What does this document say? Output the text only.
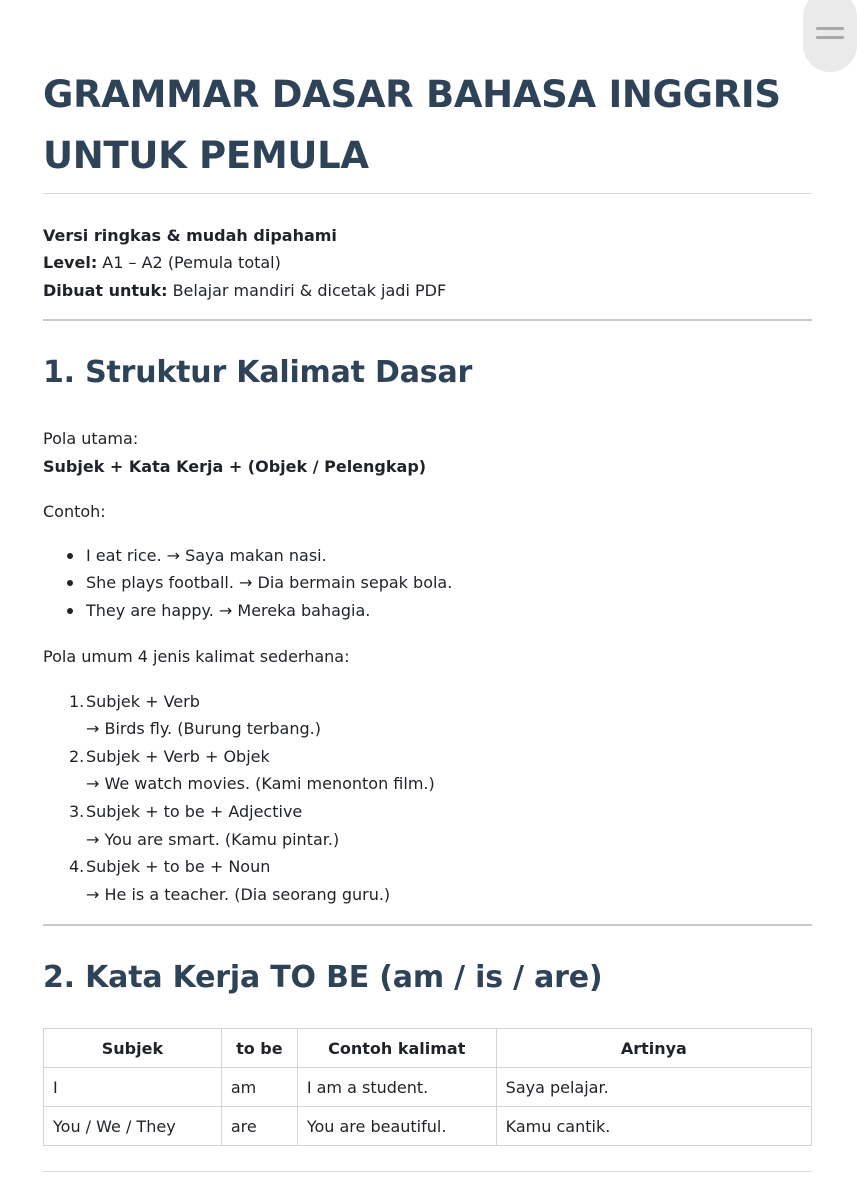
GRAMMAR DASAR BAHASA INGGRIS UNTUK PEMULA
Versi ringkas & mudah dipahami
Level: A1 – A2 (Pemula total)
Dibuat untuk: Belajar mandiri & dicetak jadi PDF
1. Struktur Kalimat Dasar
Pola utama:
Subjek + Kata Kerja + (Objek / Pelengkap)
Contoh:
I eat rice. → Saya makan nasi.
She plays football. → Dia bermain sepak bola.
They are happy. → Mereka bahagia.
Pola umum 4 jenis kalimat sederhana:
1. Subjek + Verb
→ Birds fly. (Burung terbang.)
2. Subjek + Verb + Objek
→ We watch movies. (Kami menonton film.)
3. Subjek + to be + Adjective
→ You are smart. (Kamu pintar.)
4. Subjek + to be + Noun
→ He is a teacher. (Dia seorang guru.)
2. Kata Kerja TO BE (am / is / are)
Subjek	to be	Contoh kalimat	Artinya
I	am	I am a student.	Saya pelajar.
You / We / They	are	You are beautiful.	Kamu cantik.
